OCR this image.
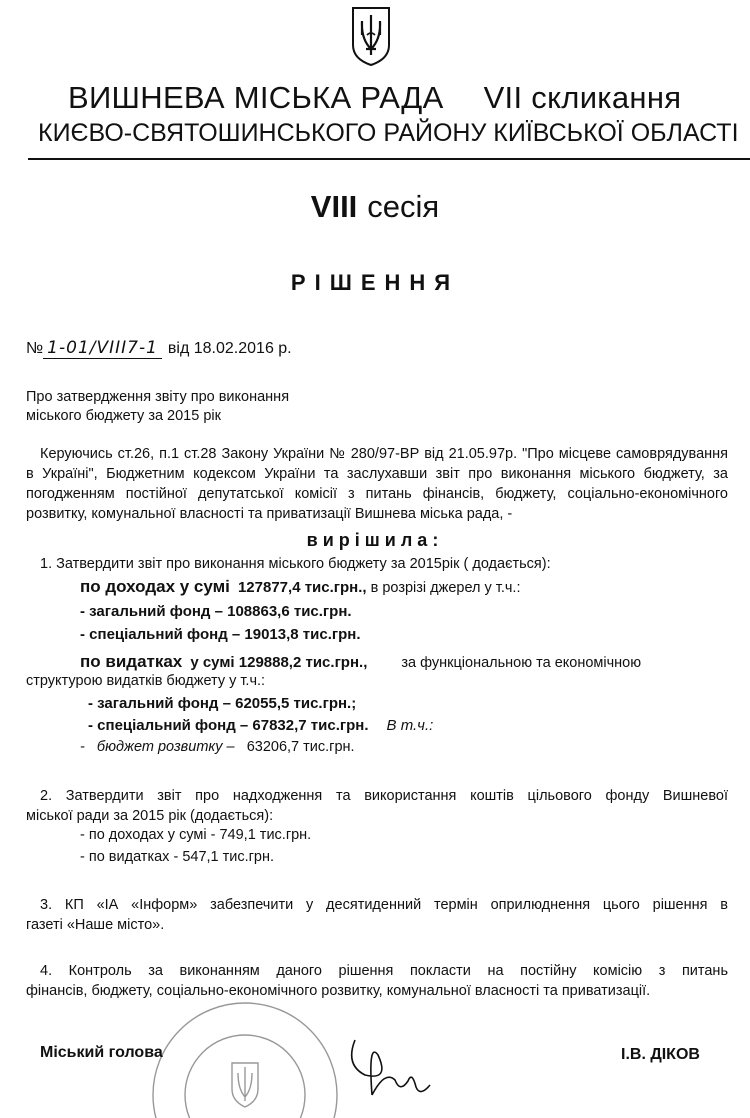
ВИШНЕВА МІСЬКА РАДА VII скликання
КИЄВО-СВЯТОШИНСЬКОГО РАЙОНУ КИЇВСЬКОЇ ОБЛАСТІ
VIII сесія
РІШЕННЯ
№ 1-01/VIII7-1 від 18.02.2016 р.
Про затвердження звіту про виконання
міського бюджету за 2015 рік
Керуючись ст.26, п.1 ст.28 Закону України № 280/97-ВР від 21.05.97р. "Про місцеве самоврядування
в Україні", Бюджетним кодексом України та заслухавши звіт про виконання міського бюджету, за
погодженням постійної депутатської комісії з питань фінансів, бюджету, соціально-економічного
розвитку, комунальної власності та приватизації Вишнева міська рада, -
вирішила:
1. Затвердити звіт про виконання міського бюджету за 2015рік ( додається):
по доходах у сумі 127877,4 тис.грн., в розрізі джерел у т.ч.:
- загальний фонд – 108863,6 тис.грн.
- спеціальний фонд – 19013,8 тис.грн.
по видатках у сумі 129888,2 тис.грн., за функціональною та економічною
структурою видатків бюджету у т.ч.:
- загальний фонд – 62055,5 тис.грн.;
- спеціальний фонд – 67832,7 тис.грн. В т.ч.:
-   бюджет розвитку – 63206,7 тис.грн.
2. Затвердити звіт про надходження та використання коштів цільового фонду Вишневої
міської ради за 2015 рік (додається):
- по доходах у сумі - 749,1 тис.грн.
- по видатках - 547,1 тис.грн.
3. КП «ІА «Інформ» забезпечити у десятиденний термін оприлюднення цього рішення в
газеті «Наше місто».
4. Контроль за виконанням даного рішення покласти на постійну комісію з питань
фінансів, бюджету, соціально-економічного розвитку, комунальної власності та приватизації.
Міський голова	І.В. ДІКОВ
